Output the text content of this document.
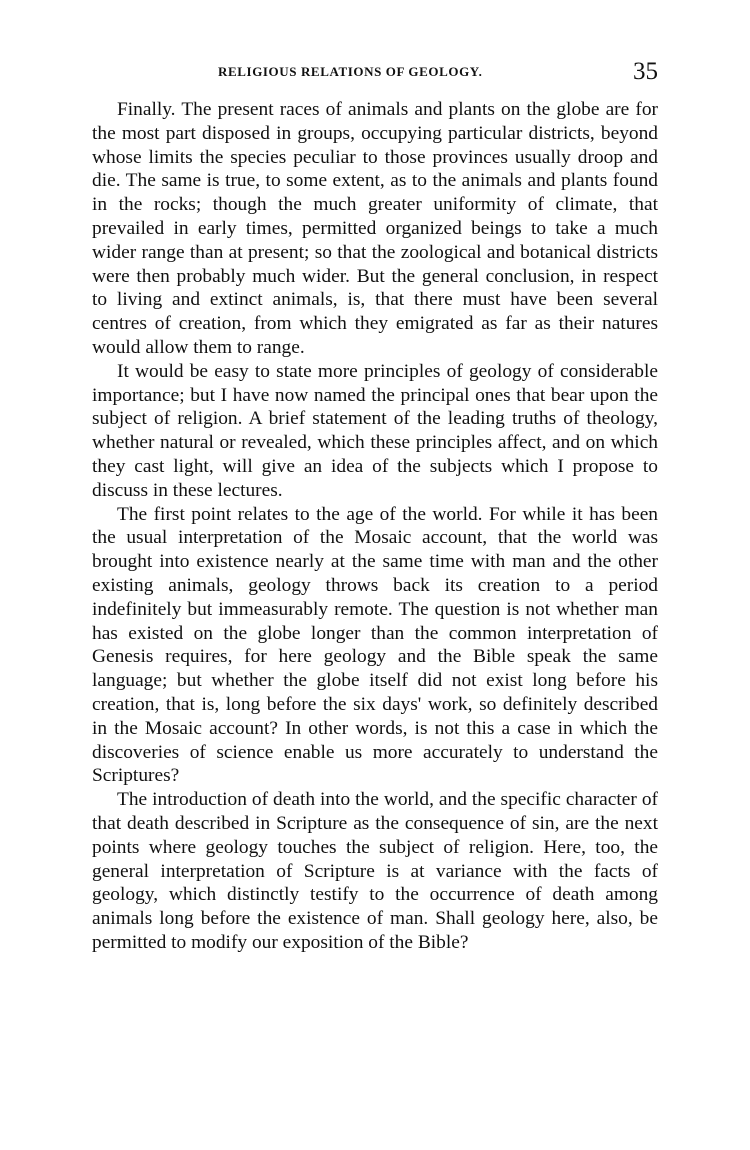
RELIGIOUS RELATIONS OF GEOLOGY.	35

Finally. The present races of animals and plants on the globe are for the most part disposed in groups, occupying particular districts, beyond whose limits the species peculiar to those provinces usually droop and die. The same is true, to some extent, as to the animals and plants found in the rocks; though the much greater uniformity of climate, that prevailed in early times, permitted organized beings to take a much wider range than at present; so that the zoological and botanical districts were then probably much wider. But the general conclusion, in respect to living and extinct animals, is, that there must have been several centres of creation, from which they emigrated as far as their natures would allow them to range.

It would be easy to state more principles of geology of considerable importance; but I have now named the principal ones that bear upon the subject of religion. A brief statement of the leading truths of theology, whether natural or revealed, which these principles affect, and on which they cast light, will give an idea of the subjects which I propose to discuss in these lectures.

The first point relates to the age of the world. For while it has been the usual interpretation of the Mosaic account, that the world was brought into existence nearly at the same time with man and the other existing animals, geology throws back its creation to a period indefinitely but immeasurably remote. The question is not whether man has existed on the globe longer than the common interpretation of Genesis requires, for here geology and the Bible speak the same language; but whether the globe itself did not exist long before his creation, that is, long before the six days' work, so definitely described in the Mosaic account? In other words, is not this a case in which the discoveries of science enable us more accurately to understand the Scriptures?

The introduction of death into the world, and the specific character of that death described in Scripture as the consequence of sin, are the next points where geology touches the subject of religion. Here, too, the general interpretation of Scripture is at variance with the facts of geology, which distinctly testify to the occurrence of death among animals long before the existence of man. Shall geology here, also, be permitted to modify our exposition of the Bible?
